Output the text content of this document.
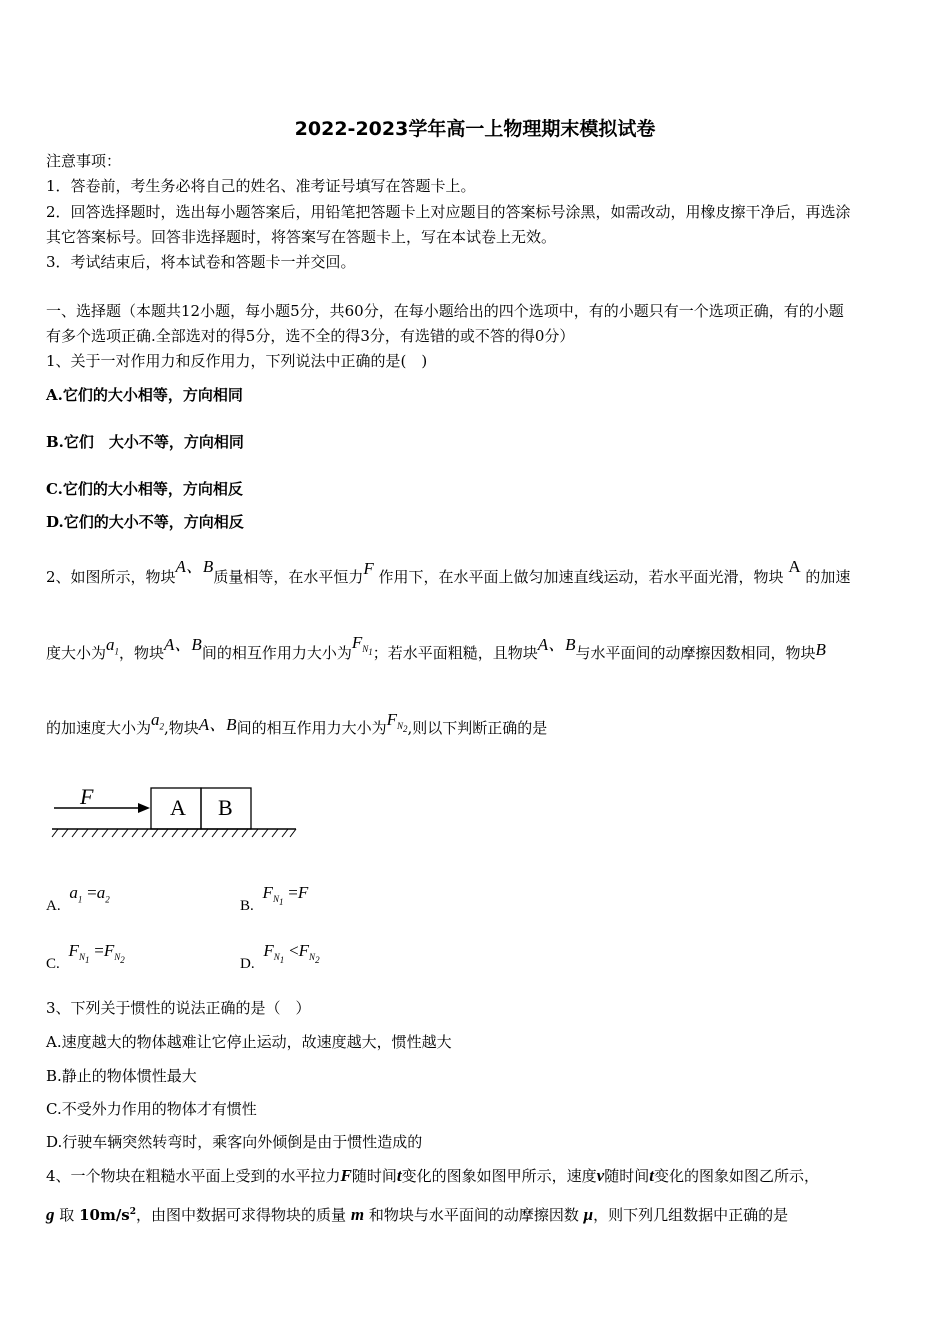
2022-2023学年高一上物理期末模拟试卷
注意事项：
1．答卷前，考生务必将自己的姓名、准考证号填写在答题卡上。
2．回答选择题时，选出每小题答案后，用铅笔把答题卡上对应题目的答案标号涂黑，如需改动，用橡皮擦干净后，再选涂
其它答案标号。回答非选择题时，将答案写在答题卡上，写在本试卷上无效。
3．考试结束后，将本试卷和答题卡一并交回。
一、选择题（本题共12小题，每小题5分，共60分，在每小题给出的四个选项中，有的小题只有一个选项正确，有的小题
有多个选项正确.全部选对的得5分，选不全的得3分，有选错的或不答的得0分）
1、关于一对作用力和反作用力，下列说法中正确的是(　)
A.它们的大小相等，方向相同
B.它们　大小不等，方向相同
C.它们的大小相等，方向相反
D.它们的大小不等，方向相反
2、如图所示，物块A、B质量相等，在水平恒力F 作用下，在水平面上做匀加速直线运动，若水平面光滑，物块 A 的加速
度大小为$a_1$，物块A、B间的相互作用力大小为$F_{N_1}$；若水平面粗糙，且物块A、B与水平面间的动摩擦因数相同，物块B
的加速度大小为$a_2$,物块A、B间的相互作用力大小为$F_{N_2}$,则以下判断正确的是
F	A B
A. $a_1 =a_2$	B. $F_{N_1} =F$
C. $F_{N_1} =F_{N_2}$	D. $F_{N_1} <F_{N_2}$
3、下列关于惯性的说法正确的是（　）
A.速度越大的物体越难让它停止运动，故速度越大，惯性越大
B.静止的物体惯性最大
C.不受外力作用的物体才有惯性
D.行驶车辆突然转弯时，乘客向外倾倒是由于惯性造成的
4、一个物块在粗糙水平面上受到的水平拉力F随时间t变化的图象如图甲所示，速度v随时间t变化的图象如图乙所示，
g 取 $10m/s^2$，由图中数据可求得物块的质量 m 和物块与水平面间的动摩擦因数 μ，则下列几组数据中正确的是
